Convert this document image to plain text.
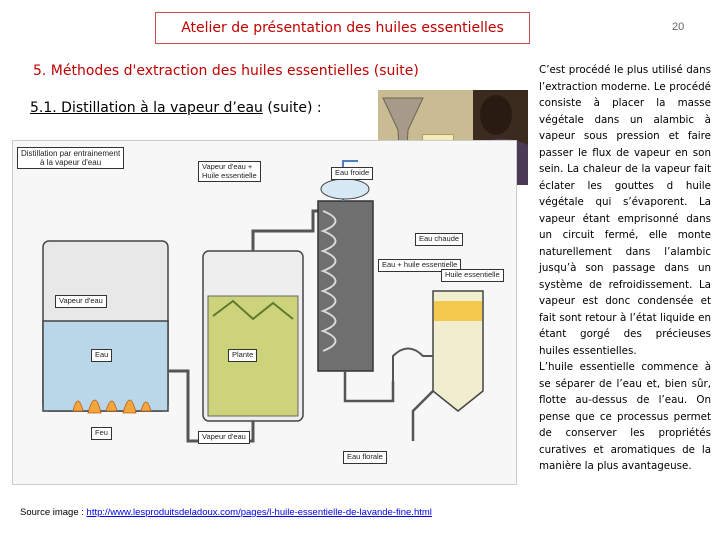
Atelier de présentation des huiles essentielles	20
5. Méthodes d'extraction des huiles essentielles (suite)
5.1. Distillation à la vapeur d’eau (suite) :
Distillation par entrainement
à la vapeur d'eau	Vapeur d'eau +
Huile essentielle	Eau froide
Eau chaude
Eau + huile essentielle
Huile essentielle
Vapeur d'eau
Eau	Plante
Feu	Vapeur d'eau
Eau florale
Source image : http://www.lesproduitsdeladoux.com/pages/l-huile-essentielle-de-lavande-fine.html
C’est procédé le plus utilisé dans l’extraction moderne. Le procédé consiste à placer la masse végétale dans un alambic à vapeur sous pression et faire passer le flux de vapeur en son sein. La chaleur de la vapeur fait éclater les gouttes d huile végétale qui s’évaporent. La vapeur étant emprisonné dans un circuit fermé, elle monte naturellement dans l’alambic jusqu’à son passage dans un système de refroidissement. La vapeur est donc condensée et fait sont retour à l’état liquide en étant gorgé des précieuses huiles essentielles.
L’huile essentielle commence à se séparer de l’eau et, bien sûr, flotte au-dessus de l’eau. On pense que ce processus permet de conserver les propriétés curatives et aromatiques de la manière la plus avantageuse.
